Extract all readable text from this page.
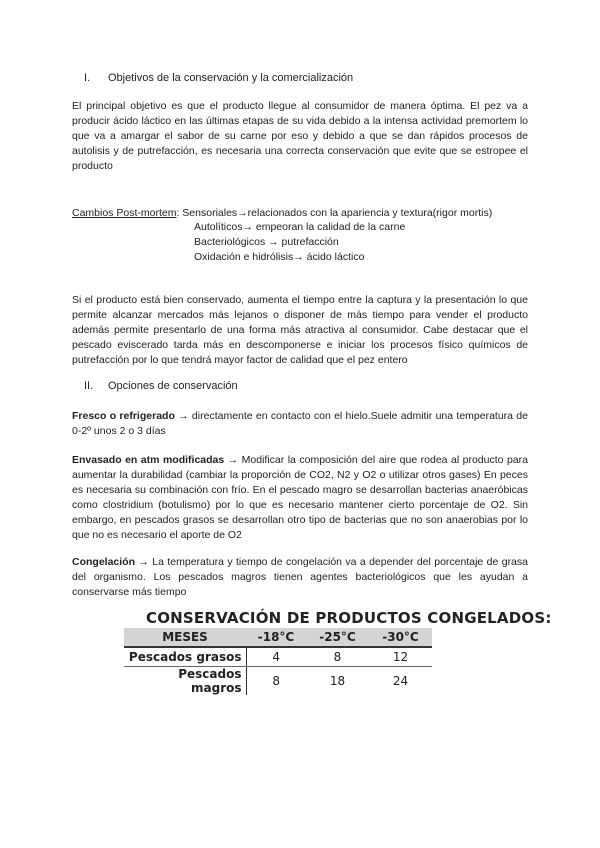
I. Objetivos de la conservación y la comercialización
El principal objetivo es que el producto llegue al consumidor de manera óptima. El pez va a producir ácido láctico en las últimas etapas de su vida debido a la intensa actividad premortem lo que va a amargar el sabor de su carne por eso y debido a que se dan rápidos procesos de autolisis y de putrefacción, es necesaria una correcta conservación que evite que se estropee el producto
Cambios Post-mortem: Sensoriales→relacionados con la apariencia y textura(rigor mortis)
Autolíticos→ empeoran la calidad de la carne
Bacteriológicos → putrefacción
Oxidación e hidrólisis→ ácido láctico
Si el producto está bien conservado, aumenta el tiempo entre la captura y la presentación lo que permite alcanzar mercados más lejanos o disponer de más tiempo para vender el producto además permite presentarlo de una forma más atractiva al consumidor. Cabe destacar que el pescado eviscerado tarda más en descomponerse e iniciar los procesos físico químicos de putrefacción por lo que tendrá mayor factor de calidad que el pez entero
II. Opciones de conservación
Fresco o refrigerado → directamente en contacto con el hielo.Suele admitir una temperatura de 0-2º unos 2 o 3 días
Envasado en atm modificadas → Modificar la composición del aire que rodea al producto para aumentar la durabilidad (cambiar la proporción de CO2, N2 y O2 o utilizar otros gases) En peces es necesaria su combinación con frío. En el pescado magro se desarrollan bacterias anaeróbicas como clostridium (botulismo) por lo que es necesario mantener cierto porcentaje de O2. Sin embargo, en pescados grasos se desarrollan otro tipo de bacterias que no son anaerobias por lo que no es necesario el aporte de O2
Congelación → La temperatura y tiempo de congelación va a depender del porcentaje de grasa del organismo. Los pescados magros tienen agentes bacteriológicos que les ayudan a conservarse más tiempo
CONSERVACIÓN DE PRODUCTOS CONGELADOS:
MESES	-18°C	-25°C	-30°C
Pescados grasos	4	8	12
Pescados magros	8	18	24
